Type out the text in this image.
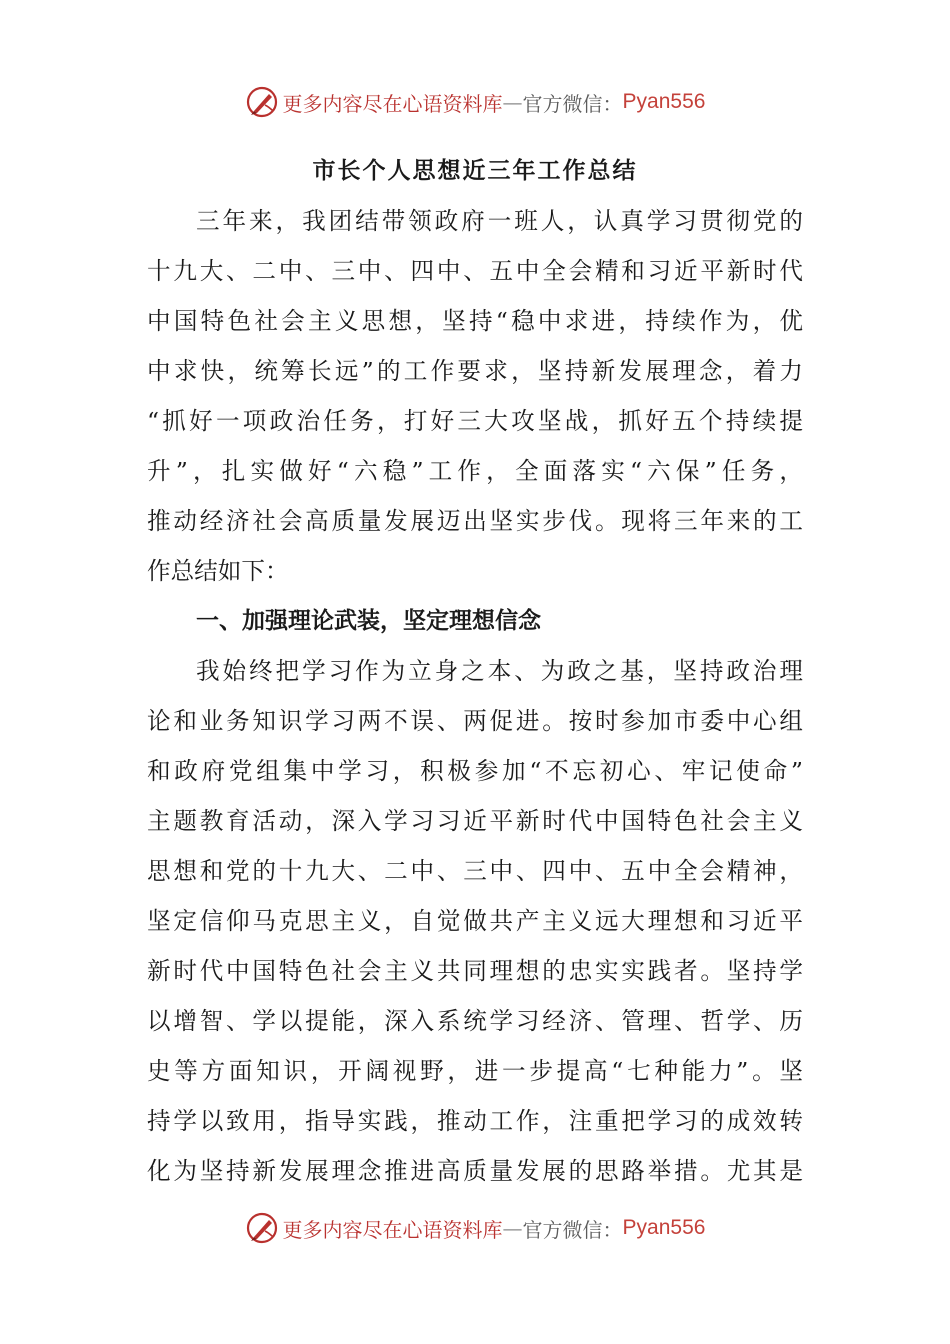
更多内容尽在心语资料库 — 官方微信： Pyan556
市长个人思想近三年工作总结
三年来，我团结带领政府一班人，认真学习贯彻党的
十九大、二中、三中、四中、五中全会精和习近平新时代
中国特色社会主义思想，坚持“稳中求进，持续作为，优
中求快，统筹长远”的工作要求，坚持新发展理念，着力
“抓好一项政治任务，打好三大攻坚战，抓好五个持续提
升”，扎实做好“六稳”工作，全面落实“六保”任务，
推动经济社会高质量发展迈出坚实步伐。现将三年来的工
作总结如下：
一、加强理论武装，坚定理想信念
我始终把学习作为立身之本、为政之基，坚持政治理
论和业务知识学习两不误、两促进。按时参加市委中心组
和政府党组集中学习，积极参加“不忘初心、牢记使命”
主题教育活动，深入学习习近平新时代中国特色社会主义
思想和党的十九大、二中、三中、四中、五中全会精神，
坚定信仰马克思主义，自觉做共产主义远大理想和习近平
新时代中国特色社会主义共同理想的忠实实践者。坚持学
以增智、学以提能，深入系统学习经济、管理、哲学、历
史等方面知识，开阔视野，进一步提高“七种能力”。坚
持学以致用，指导实践，推动工作，注重把学习的成效转
化为坚持新发展理念推进高质量发展的思路举措。尤其是
更多内容尽在心语资料库 — 官方微信： Pyan556
